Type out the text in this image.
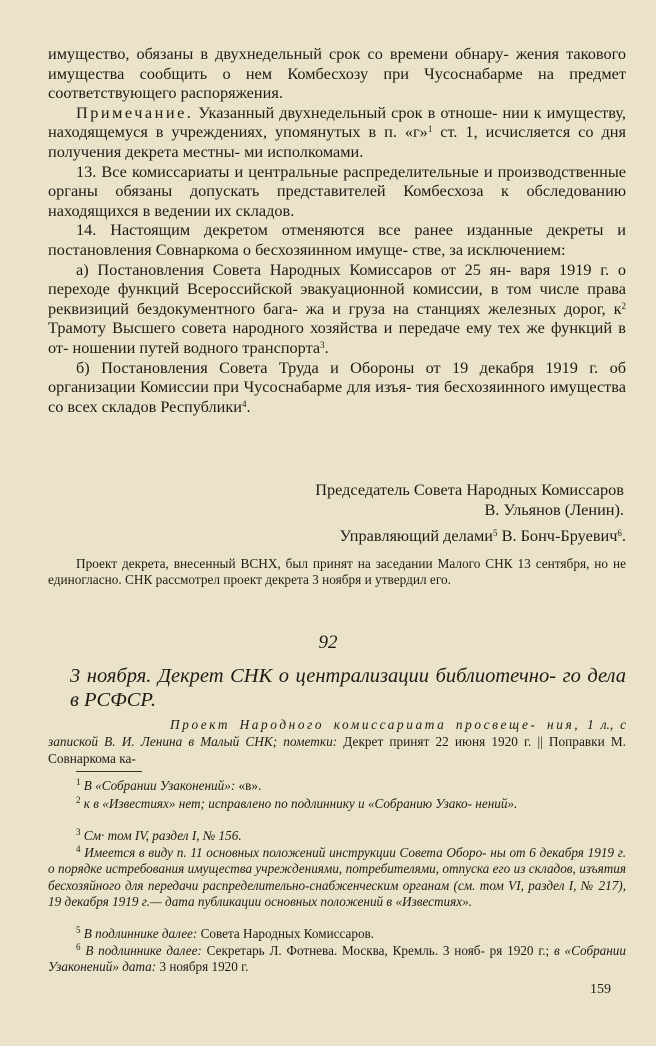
имущество, обязаны в двухнедельный срок со времени обнару- жения такового имущества сообщить о нем Комбесхозу при Чусоснабарме на предмет соответствующего распоряжения.

Примечание. Указанный двухнедельный срок в отноше- нии к имуществу, находящемуся в учреждениях, упомянутых в п. «г»$^1$ ст. 1, исчисляется со дня получения декрета местны- ми исполкомами.

13. Все комиссариаты и центральные распределительные и производственные органы обязаны допускать представителей Комбесхоза к обследованию находящихся в ведении их складов.

14. Настоящим декретом отменяются все ранее изданные декреты и постановления Совнаркома о бесхозяинном имуще- стве, за исключением:

а) Постановления Совета Народных Комиссаров от 25 ян- варя 1919 г. о переходе функций Всероссийской эвакуационной комиссии, в том числе права реквизиций бездокументного бага- жа и груза на станциях железных дорог, $к^2$ Трамоту Высшего совета народного хозяйства и передаче ему тех же функций в от- ношении путей водного транспорта$^3$.

б) Постановления Совета Труда и Обороны от 19 декабря 1919 г. об организации Комиссии при Чусоснабарме для изъя- тия бесхозяинного имущества со всех складов Республики$^4$.

Председатель Совета Народных Комиссаров

В. Ульянов (Ленин).

Управляющий делами$^5$ В. Бонч-Бруевич$^6$.

Проект декрета, внесенный ВСНХ, был принят на заседании Малого СНК 13 сентября, но не единогласно. СНК рассмотрел проект декрета 3 ноября и утвердил его.

92

3 ноября. Декрет СНК о централизации библиотечно- го дела в РСФСР.

Проект Народного комиссариата просвеще- ния, 1 л., с запиской В. И. Ленина в Малый СНК; пометки: Декрет принят 22 июня 1920 г. || Поправки М. Совнаркома ка-

$^1$ В «Собрании Узаконений»: «в».

$^2$ к в «Известиях» нет; исправлено по подлиннику и «Собранию Узако- нений».

$^3$ См· том IV, раздел I, № 156.

$^4$ Имеется в виду п. 11 основных положений инструкции Совета Оборо- ны от 6 декабря 1919 г. о порядке истребования имущества учреждениями, потребителями, отпуска его из складов, изъятия бесхозяйного для передачи распределительно-снабженческим органам (см. том VI, раздел I, № 217), 19 декабря 1919 г.— дата публикации основных положений в «Известиях».

$^5$ В подлиннике далее: Совета Народных Комиссаров.

$^6$ В подлиннике далее: Секретарь Л. Фотнева. Москва, Кремль. 3 нояб- ря 1920 г.; в «Собрании Узаконений» дата: 3 ноября 1920 г.

159
